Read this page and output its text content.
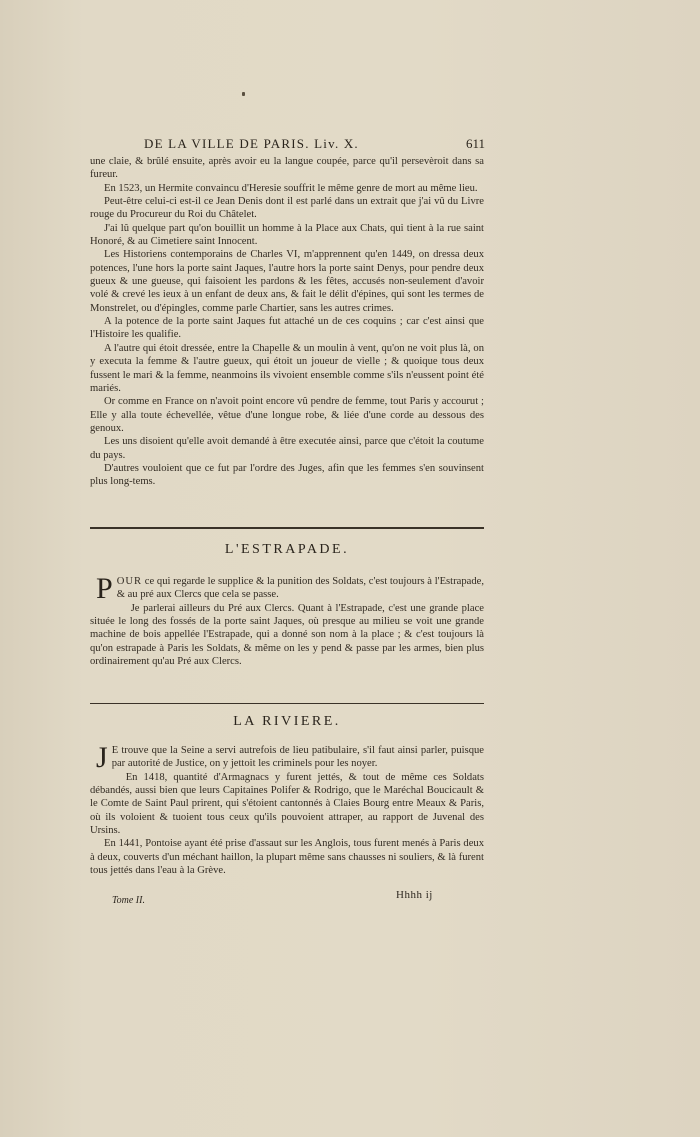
DE LA VILLE DE PARIS. Liv. X.	611

une claie, & brûlé ensuite, après avoir eu la langue coupée, parce qu'il persevèroit dans sa fureur.

En 1523, un Hermite convaincu d'Heresie souffrit le même genre de mort au même lieu.

Peut-être celui-ci est-il ce Jean Denis dont il est parlé dans un extrait que j'ai vû du Livre rouge du Procureur du Roi du Châtelet.

J'ai lû quelque part qu'on bouillit un homme à la Place aux Chats, qui tient à la rue saint Honoré, & au Cimetiere saint Innocent.

Les Historiens contemporains de Charles VI, m'apprennent qu'en 1449, on dressa deux potences, l'une hors la porte saint Jaques, l'autre hors la porte saint Denys, pour pendre deux gueux & une gueuse, qui faisoient les pardons & les fêtes, accusés non-seulement d'avoir volé & crevé les ieux à un enfant de deux ans, & fait le délit d'épines, qui sont les termes de Monstrelet, ou d'épingles, comme parle Chartier, sans les autres crimes.

A la potence de la porte saint Jaques fut attaché un de ces coquins ; car c'est ainsi que l'Histoire les qualifie.

A l'autre qui étoit dressée, entre la Chapelle & un moulin à vent, qu'on ne voit plus là, on y executa la femme & l'autre gueux, qui étoit un joueur de vielle ; & quoique tous deux fussent le mari & la femme, neanmoins ils vivoient ensemble comme s'ils n'eussent point été mariés.

Or comme en France on n'avoit point encore vû pendre de femme, tout Paris y accourut ; Elle y alla toute échevellée, vêtue d'une longue robe, & liée d'une corde au dessous des genoux.

Les uns disoient qu'elle avoit demandé à être executée ainsi, parce que c'étoit la coutume du pays.

D'autres vouloient que ce fut par l'ordre des Juges, afin que les femmes s'en souvinsent plus long-tems.

L'ESTRAPADE.

POUR ce qui regarde le supplice & la punition des Soldats, c'est toujours à l'Estrapade, & au pré aux Clercs que cela se passe.

Je parlerai ailleurs du Pré aux Clercs. Quant à l'Estrapade, c'est une grande place située le long des fossés de la porte saint Jaques, où presque au milieu se voit une grande machine de bois appellée l'Estrapade, qui a donné son nom à la place ; & c'est toujours là qu'on estrapade à Paris les Soldats, & même on les y pend & passe par les armes, bien plus ordinairement qu'au Pré aux Clercs.

LA RIVIERE.

J E trouve que la Seine a servi autrefois de lieu patibulaire, s'il faut ainsi parler, puisque par autorité de Justice, on y jettoit les criminels pour les noyer.

En 1418, quantité d'Armagnacs y furent jettés, & tout de même ces Soldats débandés, aussi bien que leurs Capitaines Polifer & Rodrigo, que le Maréchal Boucicault & le Comte de Saint Paul prirent, qui s'étoient cantonnés à Claies Bourg entre Meaux & Paris, où ils voloient & tuoient tous ceux qu'ils pouvoient attraper, au rapport de Juvenal des Ursins.

En 1441, Pontoise ayant été prise d'assaut sur les Anglois, tous furent menés à Paris deux à deux, couverts d'un méchant haillon, la plupart même sans chausses ni souliers, & là furent tous jettés dans l'eau à la Grève.

Tome II.	Hhhh ij
